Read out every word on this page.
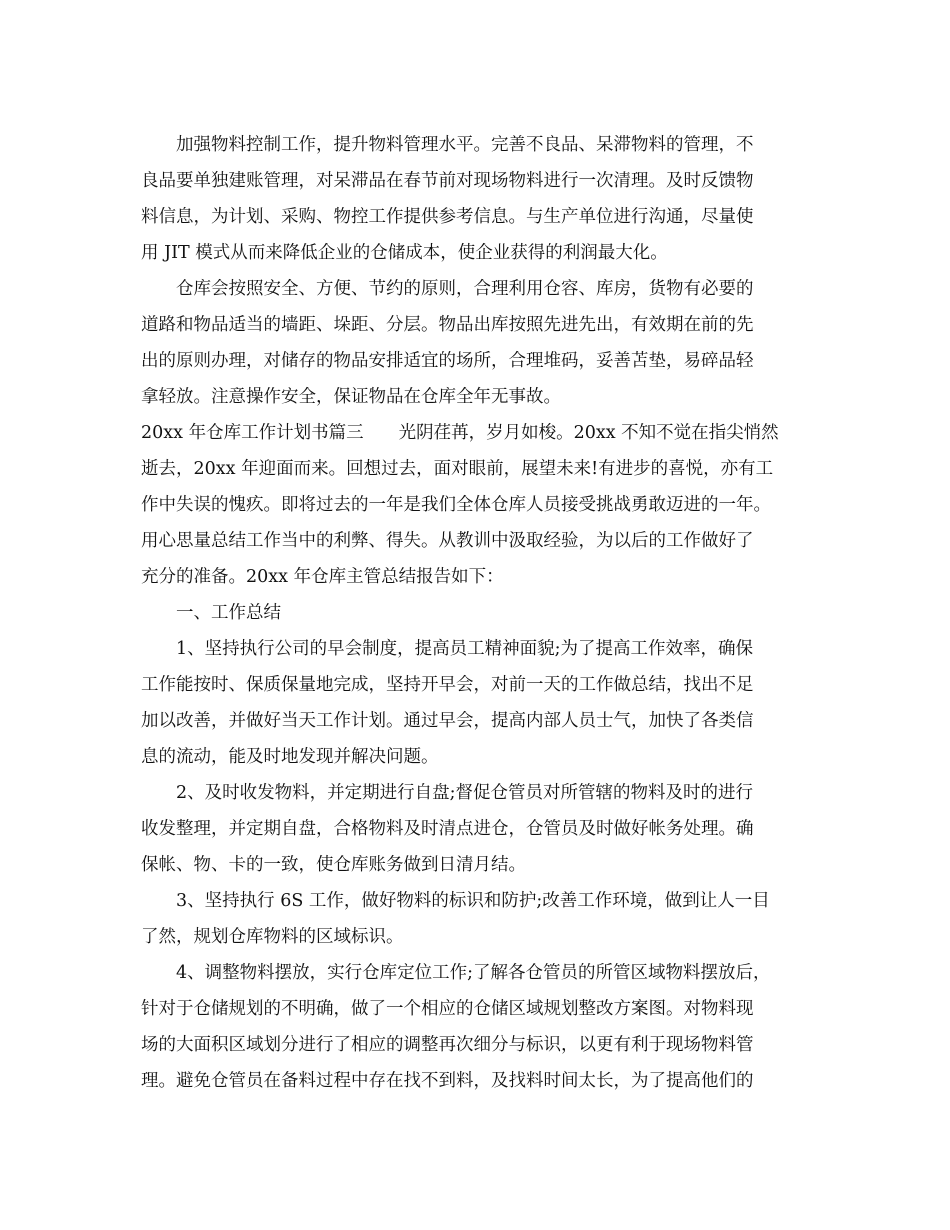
加强物料控制工作，提升物料管理水平。完善不良品、呆滞物料的管理，不
良品要单独建账管理，对呆滞品在春节前对现场物料进行一次清理。及时反馈物
料信息，为计划、采购、物控工作提供参考信息。与生产单位进行沟通，尽量使
用 JIT 模式从而来降低企业的仓储成本，使企业获得的利润最大化。
仓库会按照安全、方便、节约的原则，合理利用仓容、库房，货物有必要的
道路和物品适当的墙距、垛距、分层。物品出库按照先进先出，有效期在前的先
出的原则办理，对储存的物品安排适宜的场所，合理堆码，妥善苫垫，易碎品轻
拿轻放。注意操作安全，保证物品在仓库全年无事故。
20xx 年仓库工作计划书篇三　　光阴荏苒，岁月如梭。20xx 不知不觉在指尖悄然
逝去，20xx 年迎面而来。回想过去，面对眼前，展望未来!有进步的喜悦，亦有工
作中失误的愧疚。即将过去的一年是我们全体仓库人员接受挑战勇敢迈进的一年。
用心思量总结工作当中的利弊、得失。从教训中汲取经验，为以后的工作做好了
充分的准备。20xx 年仓库主管总结报告如下：
一、工作总结
1、坚持执行公司的早会制度，提高员工精神面貌;为了提高工作效率，确保
工作能按时、保质保量地完成，坚持开早会，对前一天的工作做总结，找出不足
加以改善，并做好当天工作计划。通过早会，提高内部人员士气，加快了各类信
息的流动，能及时地发现并解决问题。
2、及时收发物料，并定期进行自盘;督促仓管员对所管辖的物料及时的进行
收发整理，并定期自盘，合格物料及时清点进仓，仓管员及时做好帐务处理。确
保帐、物、卡的一致，使仓库账务做到日清月结。
3、坚持执行 6S 工作，做好物料的标识和防护;改善工作环境，做到让人一目
了然，规划仓库物料的区域标识。
4、调整物料摆放，实行仓库定位工作;了解各仓管员的所管区域物料摆放后，
针对于仓储规划的不明确，做了一个相应的仓储区域规划整改方案图。对物料现
场的大面积区域划分进行了相应的调整再次细分与标识，以更有利于现场物料管
理。避免仓管员在备料过程中存在找不到料，及找料时间太长，为了提高他们的
